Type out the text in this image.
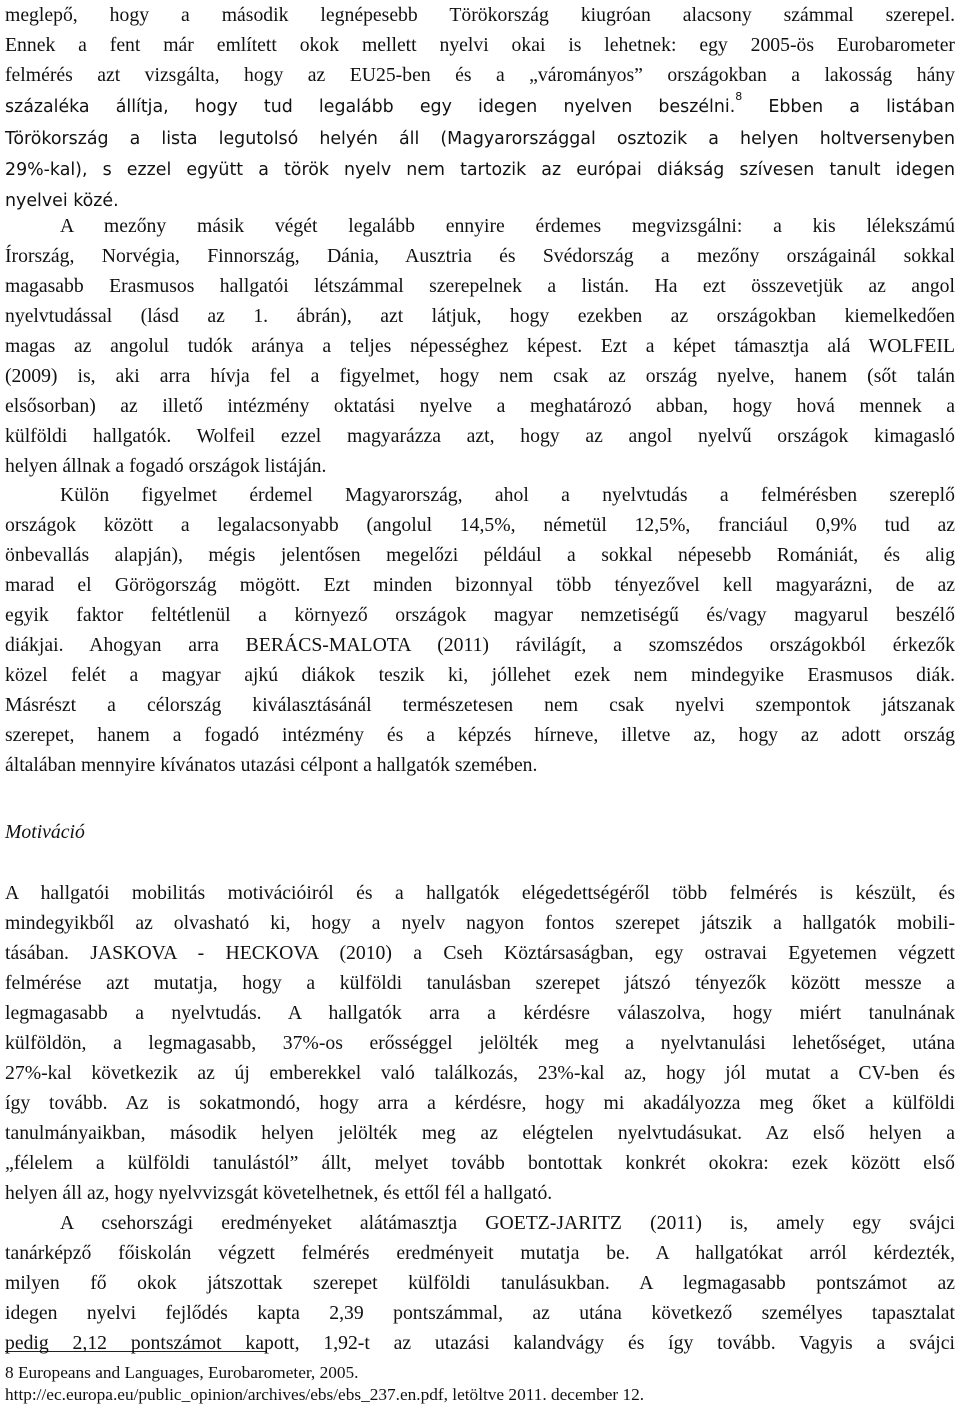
meglepő, hogy a második legnépesebb Törökország kiugróan alacsony számmal szerepel.
Ennek a fent már említett okok mellett nyelvi okai is lehetnek: egy 2005-ös Eurobarometer
felmérés azt vizsgálta, hogy az EU25-ben és a „várományos” országokban a lakosság hány
százaléka állítja, hogy tud legalább egy idegen nyelven beszélni.$^8$ Ebben a listában
Törökország a lista legutolsó helyén áll (Magyarországgal osztozik a helyen holtversenyben
29%-kal), s ezzel együtt a török nyelv nem tartozik az európai diákság szívesen tanult idegen
nyelvei közé.
A mezőny másik végét legalább ennyire érdemes megvizsgálni: a kis lélekszámú
Írország, Norvégia, Finnország, Dánia, Ausztria és Svédország a mezőny országainál sokkal
magasabb Erasmusos hallgatói létszámmal szerepelnek a listán. Ha ezt összevetjük az angol
nyelvtudással (lásd az 1. ábrán), azt látjuk, hogy ezekben az országokban kiemelkedően
magas az angolul tudók aránya a teljes népességhez képest. Ezt a képet támasztja alá WOLFEIL
(2009) is, aki arra hívja fel a figyelmet, hogy nem csak az ország nyelve, hanem (sőt talán
elsősorban) az illető intézmény oktatási nyelve a meghatározó abban, hogy hová mennek a
külföldi hallgatók. Wolfeil ezzel magyarázza azt, hogy az angol nyelvű országok kimagasló
helyen állnak a fogadó országok listáján.
Külön figyelmet érdemel Magyarország, ahol a nyelvtudás a felmérésben szereplő
országok között a legalacsonyabb (angolul 14,5%, németül 12,5%, franciául 0,9% tud az
önbevallás alapján), mégis jelentősen megelőzi például a sokkal népesebb Romániát, és alig
marad el Görögország mögött. Ezt minden bizonnyal több tényezővel kell magyarázni, de az
egyik faktor feltétlenül a környező országok magyar nemzetiségű és/vagy magyarul beszélő
diákjai. Ahogyan arra BERÁCS-MALOTA (2011) rávilágít, a szomszédos országokból érkezők
közel felét a magyar ajkú diákok teszik ki, jóllehet ezek nem mindegyike Erasmusos diák.
Másrészt a célország kiválasztásánál természetesen nem csak nyelvi szempontok játszanak
szerepet, hanem a fogadó intézmény és a képzés hírneve, illetve az, hogy az adott ország
általában mennyire kívánatos utazási célpont a hallgatók szemében.
Motiváció
A hallgatói mobilitás motivációiról és a hallgatók elégedettségéről több felmérés is készült, és
mindegyikből az olvasható ki, hogy a nyelv nagyon fontos szerepet játszik a hallgatók mobili-
tásában. JASKOVA - HECKOVA (2010) a Cseh Köztársaságban, egy ostravai Egyetemen végzett
felmérése azt mutatja, hogy a külföldi tanulásban szerepet játszó tényezők között messze a
legmagasabb a nyelvtudás. A hallgatók arra a kérdésre válaszolva, hogy miért tanulnának
külföldön, a legmagasabb, 37%-os erősséggel jelölték meg a nyelvtanulási lehetőséget, utána
27%-kal következik az új emberekkel való találkozás, 23%-kal az, hogy jól mutat a CV-ben és
így tovább. Az is sokatmondó, hogy arra a kérdésre, hogy mi akadályozza meg őket a külföldi
tanulmányaikban, második helyen jelölték meg az elégtelen nyelvtudásukat. Az első helyen a
„félelem a külföldi tanulástól” állt, melyet tovább bontottak konkrét okokra: ezek között első
helyen áll az, hogy nyelvvizsgát követelhetnek, és ettől fél a hallgató.
A csehországi eredményeket alátámasztja GOETZ-JARITZ (2011) is, amely egy svájci
tanárképző főiskolán végzett felmérés eredményeit mutatja be. A hallgatókat arról kérdezték,
milyen fő okok játszottak szerepet külföldi tanulásukban. A legmagasabb pontszámot az
idegen nyelvi fejlődés kapta 2,39 pontszámmal, az utána következő személyes tapasztalat
pedig 2,12 pontszámot kapott, 1,92-t az utazási kalandvágy és így tovább. Vagyis a svájci
8 Europeans and Languages, Eurobarometer, 2005.
http://ec.europa.eu/public_opinion/archives/ebs/ebs_237.en.pdf, letöltve 2011. december 12.
